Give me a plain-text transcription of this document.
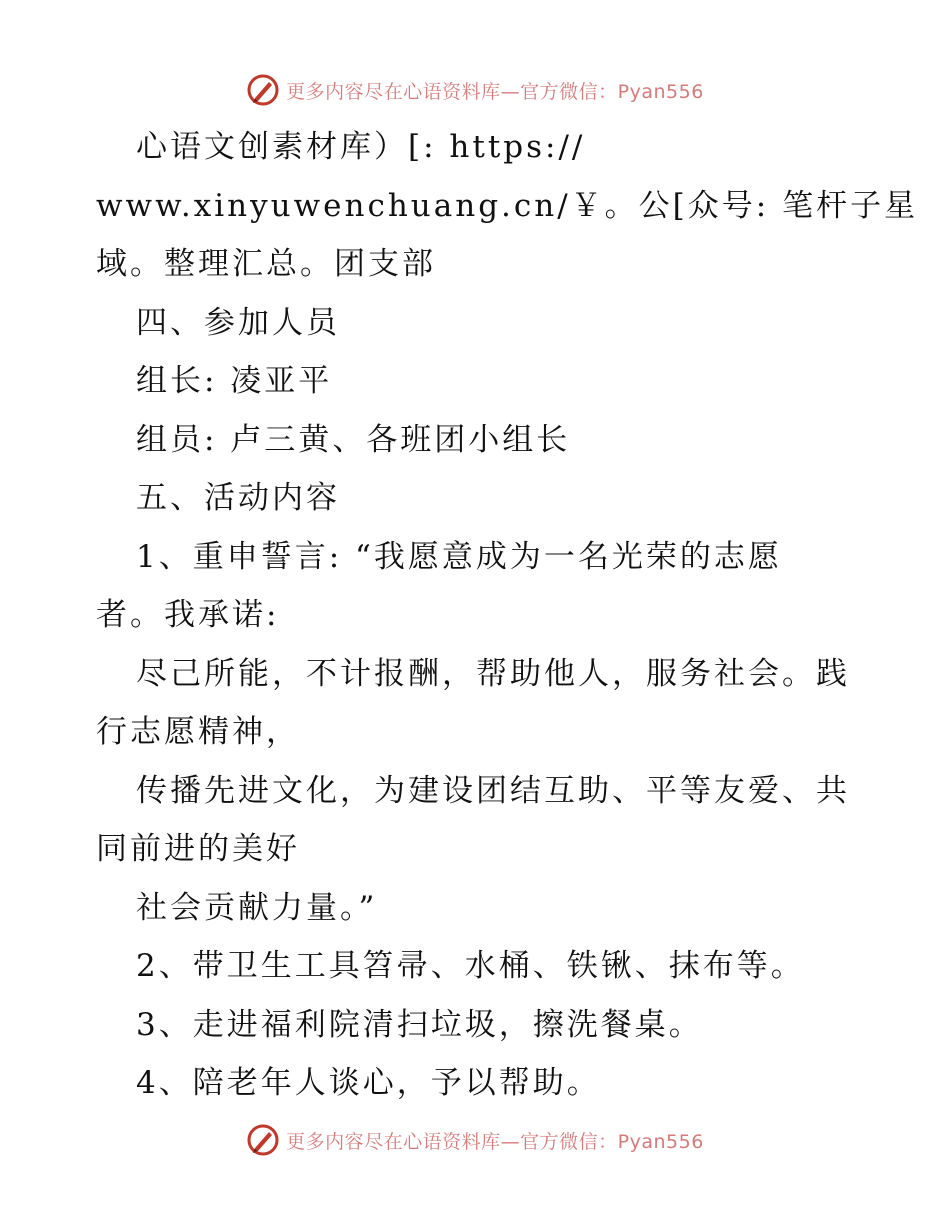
更多内容尽在心语资料库—官方微信：Pyan556
心语文创素材库）[: https://
www.xinyuwenchuang.cn/￥。公[众号: 笔杆子星
域。整理汇总。团支部
四、参加人员
组长: 凌亚平
组员: 卢三黄、各班团小组长
五、活动内容
1、重申誓言: “我愿意成为一名光荣的志愿
者。我承诺:
尽己所能，不计报酬，帮助他人，服务社会。践
行志愿精神，
传播先进文化，为建设团结互助、平等友爱、共
同前进的美好
社会贡献力量。”
2、带卫生工具笤帚、水桶、铁锹、抹布等。
3、走进福利院清扫垃圾，擦洗餐桌。
4、陪老年人谈心，予以帮助。
更多内容尽在心语资料库—官方微信：Pyan556
